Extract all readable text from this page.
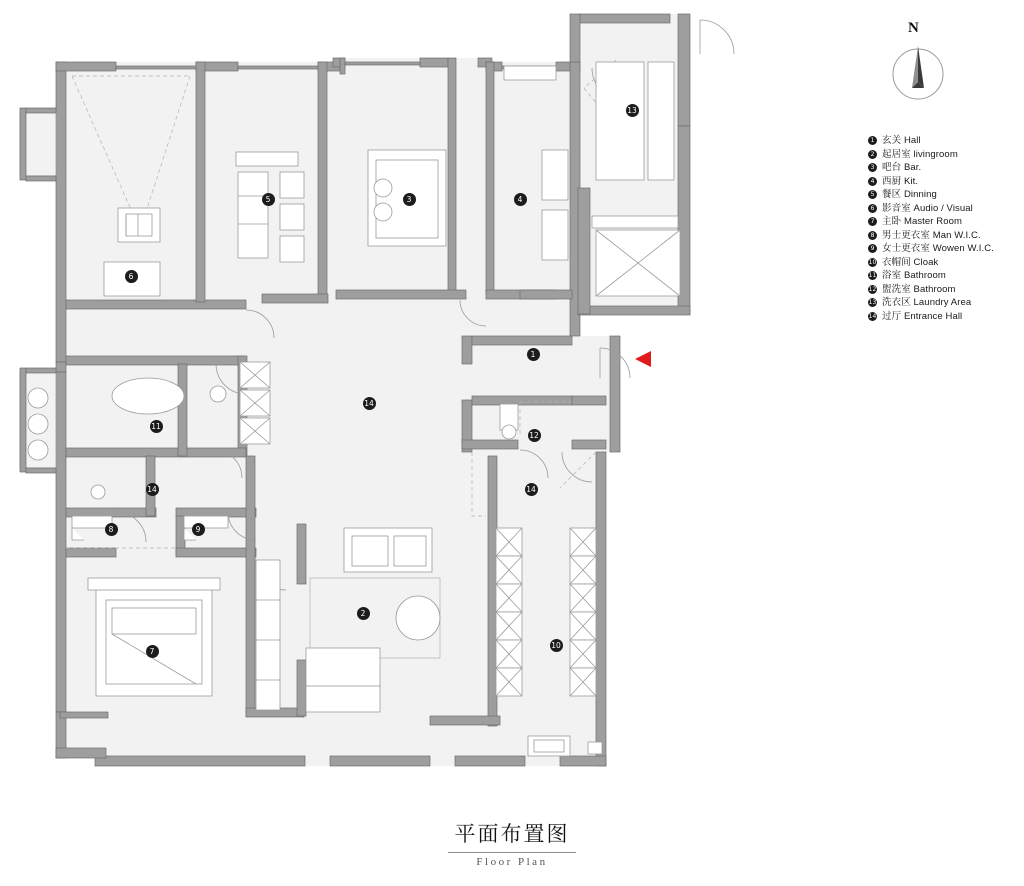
N
1 玄关 Hall
2 起居室 livingroom
3 吧台 Bar.
4 西厨 Kit.
5 餐区 Dinning
6 影音室 Audio / Visual
7 主卧 Master Room
8 男士更衣室 Man W.I.C.
9 女士更衣室 Wowen W.I.C.
10 衣帽间 Cloak
11 浴室 Bathroom
12 盥洗室 Bathroom
13 洗衣区 Laundry Area
14 过厅 Entrance Hall
13
5	3	4
6
1
14
11
12
14
14
8	9
10
2
7
平面布置图
Floor Plan
